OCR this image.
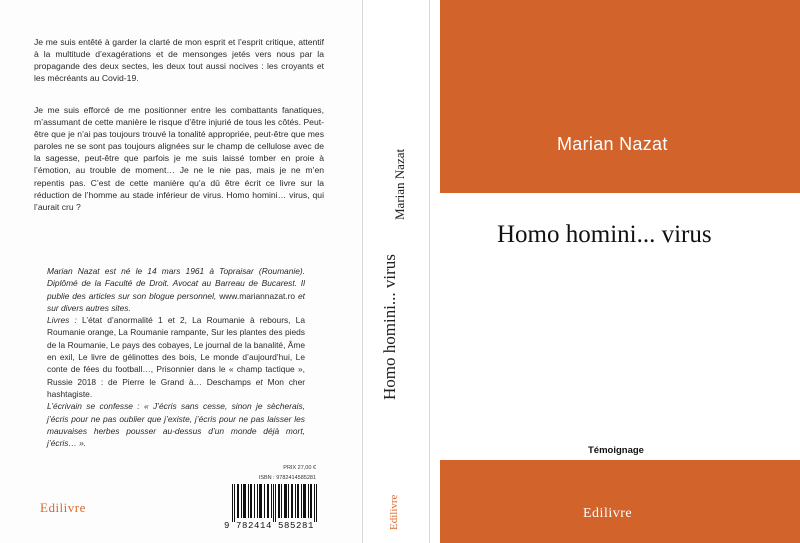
Je me suis entêté à garder la clarté de mon esprit et l’esprit critique, attentif à la multitude d’exagérations et de mensonges jetés vers nous par la propagande des deux sectes, les deux tout aussi nocives : les croyants et les mécréants au Covid-19.

Je me suis efforcé de me positionner entre les combattants fanatiques, m’assumant de cette manière le risque d’être injurié de tous les côtés. Peut-être que je n’ai pas toujours trouvé la tonalité appropriée, peut-être que mes paroles ne se sont pas toujours alignées sur le champ de cellulose avec de la sagesse, peut-être que parfois je me suis laissé tomber en proie à l’émotion, au trouble de moment… Je ne le nie pas, mais je ne m’en repentis pas. C’est de cette manière qu’a dû être écrit ce livre sur la réduction de l’homme au stade inférieur de virus. Homo homini… virus, qui l’aurait cru ?

Marian Nazat est né le 14 mars 1961 à Topraisar (Roumanie). Diplômé de la Faculté de Droit. Avocat au Barreau de Bucarest. Il publie des articles sur son blogue personnel, www.mariannazat.ro et sur divers autres sites.
Livres : L’état d’anormalité 1 et 2, La Roumanie à rebours, La Roumanie orange, La Roumanie rampante, Sur les plantes des pieds de la Roumanie, Le pays des cobayes, Le journal de la banalité, Âme en exil, Le livre de gélinottes des bois, Le monde d’aujourd’hui, Le conte de fées du football…, Prisonnier dans le « champ tactique », Russie 2018 : de Pierre le Grand à… Deschamps et Mon cher hashtagiste.
L’écrivain se confesse : « J’écris sans cesse, sinon je sècherais, j’écris pour ne pas oublier que j’existe, j’écris pour ne pas laisser les mauvaises herbes pousser au-dessus d’un monde déjà mort, j’écris… ».
PRIX 27,00 €
ISBN : 9782414585281
9 782414 585281
Edilivre
Marian Nazat
Homo homini... virus
Edilivre
Marian Nazat
Homo homini... virus
Témoignage
Edilivre
